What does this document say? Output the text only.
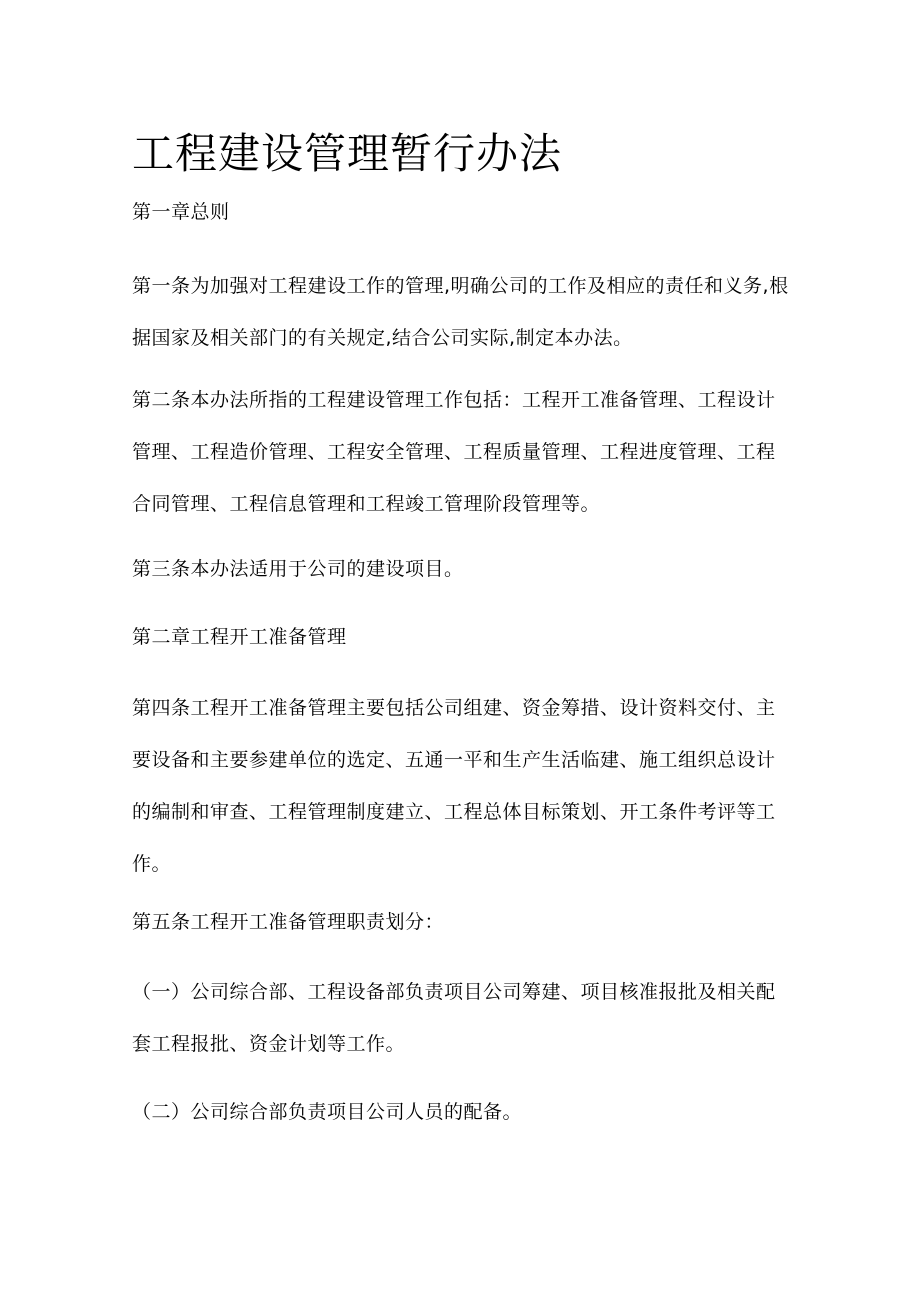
工程建设管理暂行办法

第一章总则

第一条为加强对工程建设工作的管理,明确公司的工作及相应的责任和义务,根据国家及相关部门的有关规定,结合公司实际,制定本办法。

第二条本办法所指的工程建设管理工作包括：工程开工准备管理、工程设计管理、工程造价管理、工程安全管理、工程质量管理、工程进度管理、工程合同管理、工程信息管理和工程竣工管理阶段管理等。

第三条本办法适用于公司的建设项目。

第二章工程开工准备管理

第四条工程开工准备管理主要包括公司组建、资金筹措、设计资料交付、主要设备和主要参建单位的选定、五通一平和生产生活临建、施工组织总设计的编制和审查、工程管理制度建立、工程总体目标策划、开工条件考评等工作。

第五条工程开工准备管理职责划分：

（一）公司综合部、工程设备部负责项目公司筹建、项目核准报批及相关配套工程报批、资金计划等工作。

（二）公司综合部负责项目公司人员的配备。
